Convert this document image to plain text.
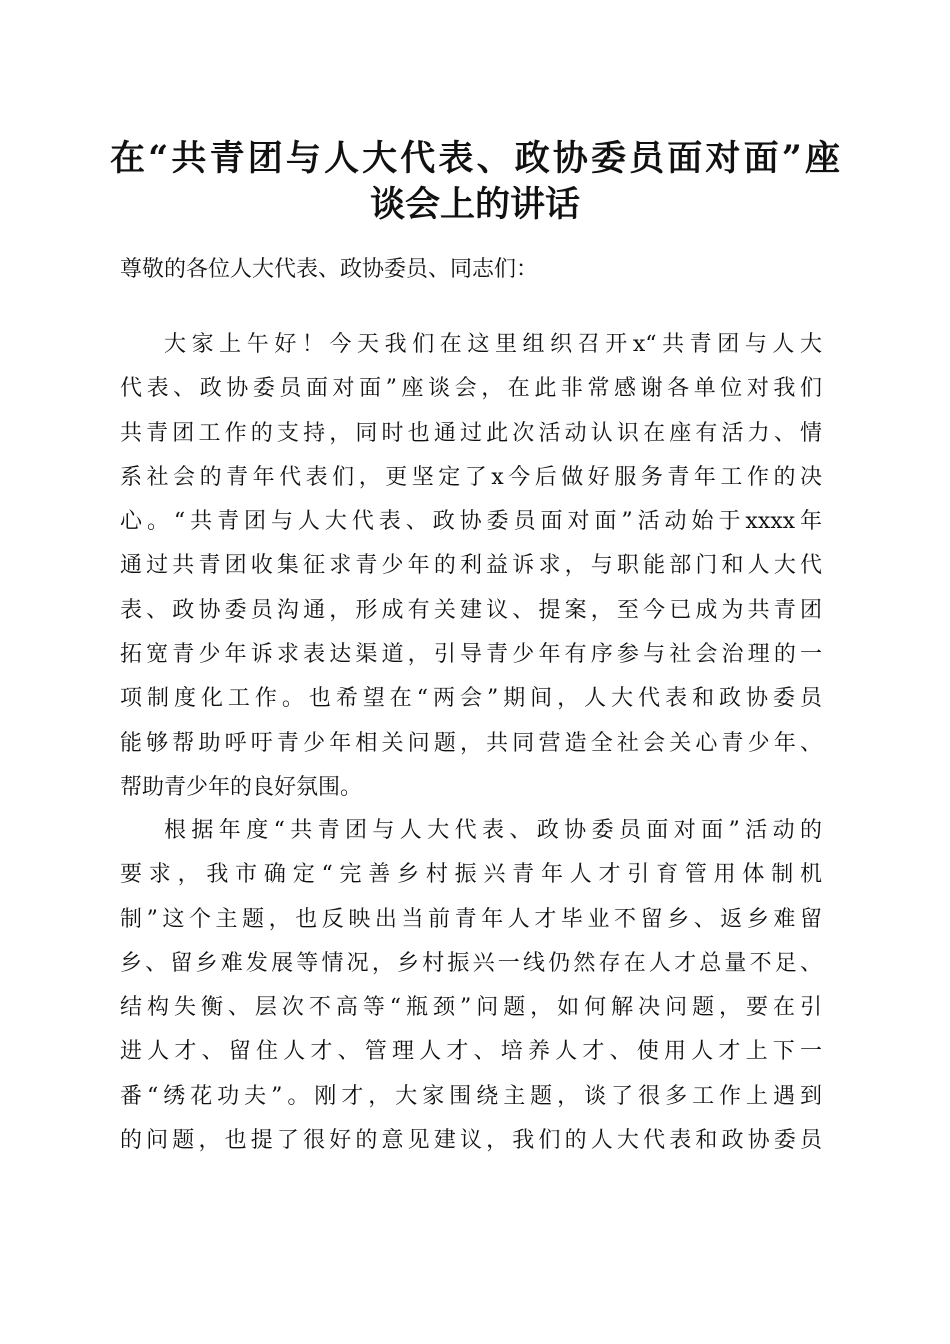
在“共青团与人大代表、政协委员面对面”座
谈会上的讲话
尊敬的各位人大代表、政协委员、同志们：
大家上午好！今天我们在这里组织召开x“共青团与人大
代表、政协委员面对面”座谈会，在此非常感谢各单位对我们
共青团工作的支持，同时也通过此次活动认识在座有活力、情
系社会的青年代表们，更坚定了x今后做好服务青年工作的决
心。“共青团与人大代表、政协委员面对面”活动始于xxxx年
通过共青团收集征求青少年的利益诉求，与职能部门和人大代
表、政协委员沟通，形成有关建议、提案，至今已成为共青团
拓宽青少年诉求表达渠道，引导青少年有序参与社会治理的一
项制度化工作。也希望在“两会”期间，人大代表和政协委员
能够帮助呼吁青少年相关问题，共同营造全社会关心青少年、
帮助青少年的良好氛围。
根据年度“共青团与人大代表、政协委员面对面”活动的
要求，我市确定“完善乡村振兴青年人才引育管用体制机
制”这个主题，也反映出当前青年人才毕业不留乡、返乡难留
乡、留乡难发展等情况，乡村振兴一线仍然存在人才总量不足、
结构失衡、层次不高等“瓶颈”问题，如何解决问题，要在引
进人才、留住人才、管理人才、培养人才、使用人才上下一
番“绣花功夫”。刚才，大家围绕主题，谈了很多工作上遇到
的问题，也提了很好的意见建议，我们的人大代表和政协委员
